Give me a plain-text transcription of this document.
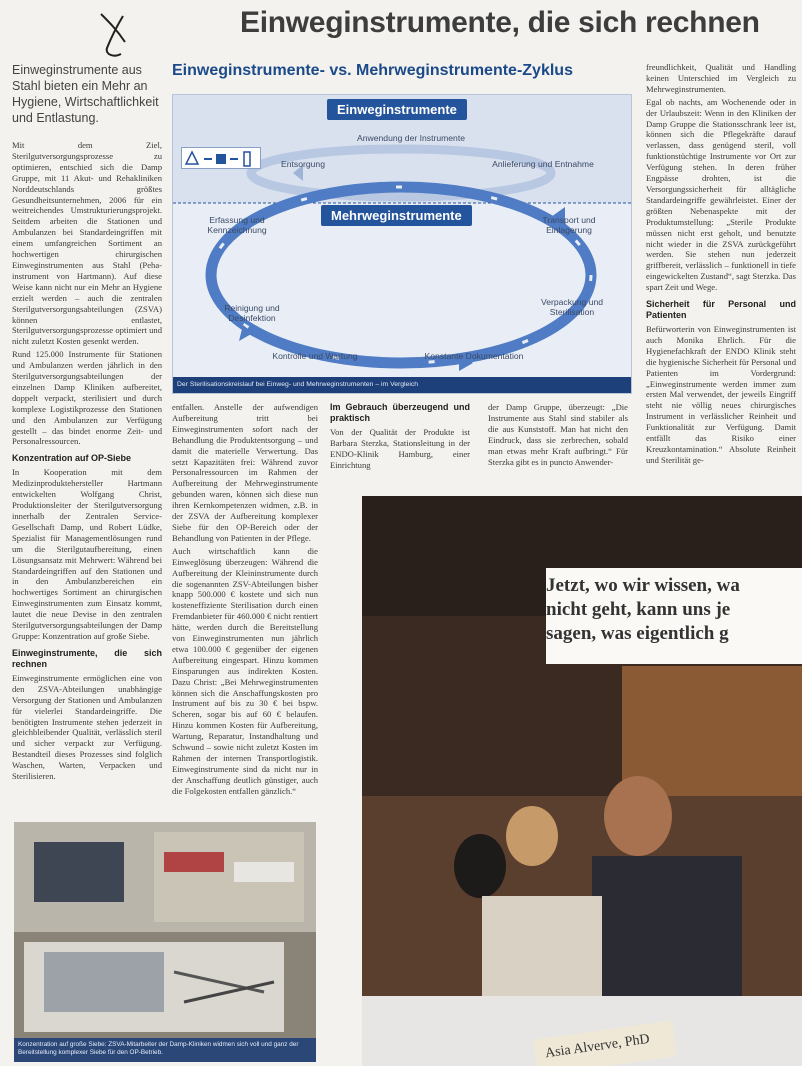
Einweginstrumente, die sich rechnen

Einweginstrumente aus Stahl bieten ein Mehr an Hygiene, Wirtschaftlichkeit und Entlastung.

Einweginstrumente- vs. Mehrweginstrumente-Zyklus
Einweginstrumente
Mehrweginstrumente
Anwendung der Instrumente
Entsorgung	Anlieferung und Entnahme
Erfassung und Kennzeichnung
Transport und Einlagerung
Reinigung und Desinfektion
Verpackung und Sterilisation
Kontrolle und Wartung	Konstante Dokumentation
Der Sterilisationskreislauf bei Einweg- und Mehrweginstrumenten – im Vergleich

Mit dem Ziel, Sterilgutversorgungsprozesse zu optimieren, entschied sich die Damp Gruppe, mit 11 Akut- und Rehakliniken Norddeutschlands größtes Gesundheitsunternehmen, 2006 für ein weitreichendes Umstrukturierungsprojekt. Seitdem arbeiten die Stationen und Ambulanzen bei Standardeingriffen mit einem umfangreichen Sortiment an hochwertigen chirurgischen Einweginstrumenten aus Stahl (Peha-instrument von Hartmann). Auf diese Weise kann nicht nur ein Mehr an Hygiene erzielt werden – auch die zentralen Sterilgutversorgungsabteilungen (ZSVA) können entlastet, Sterilgutversorgungsprozesse optimiert und nicht zuletzt Kosten gesenkt werden.

Rund 125.000 Instrumente für Stationen und Ambulanzen werden jährlich in den Sterilgutversorgungsabteilungen der einzelnen Damp Kliniken aufbereitet, doppelt verpackt, sterilisiert und durch komplexe Logistikprozesse den Stationen und den Ambulanzen zur Verfügung gestellt – das bindet enorme Zeit- und Personalressourcen.

Konzentration auf OP-Siebe

In Kooperation mit dem Medizinproduktehersteller Hartmann entwickelten Wolfgang Christ, Produktionsleiter der Sterilgutversorgung innerhalb der Zentralen Service-Gesellschaft Damp, und Robert Lüdke, Spezialist für Managementlösungen rund um die Sterilgutaufbereitung, einen Lösungsansatz mit Mehrwert: Während bei Standardeingriffen auf den Stationen und in den Ambulanzbereichen ein hochwertiges Sortiment an chirurgischen Einweginstrumenten zum Einsatz kommt, lautet die neue Devise in den zentralen Sterilgutversorgungsabteilungen der Damp Gruppe: Konzentration auf große Siebe.

Einweginstrumente, die sich rechnen

Einweginstrumente ermöglichen eine von den ZSVA-Abteilungen unabhängige Versorgung der Stationen und Ambulanzen für vielerlei Standardeingriffe. Die benötigten Instrumente stehen jederzeit in gleichbleibender Qualität, verlässlich steril und sicher verpackt zur Verfügung. Bestandteil dieses Prozesses sind folglich Waschen, Warten, Verpacken und Sterilisieren.

entfallen. Anstelle der aufwendigen Aufbereitung tritt bei Einweginstrumenten sofort nach der Behandlung die Produktentsorgung – und damit die materielle Verwertung. Das setzt Kapazitäten frei: Während zuvor Personalressourcen im Rahmen der Aufbereitung der Mehrweginstrumente gebunden waren, können sich diese nun ihren Kernkompetenzen widmen, z.B. in der ZSVA der Aufbereitung komplexer Siebe für den OP-Bereich oder der Behandlung von Patienten in der Pflege.

Auch wirtschaftlich kann die Einweglösung überzeugen: Während die Aufbereitung der Kleininstrumente durch die sogenannten ZSV-Abteilungen bisher knapp 500.000 € kostete und sich nun kosteneffiziente Sterilisation durch einen Fremdanbieter für 460.000 € nicht rentiert hätte, werden durch die Bereitstellung von Einweginstrumenten nun jährlich etwa 100.000 € gegenüber der eigenen Aufbereitung eingespart. Hinzu kommen Einsparungen aus indirekten Kosten. Dazu Christ: „Bei Mehrweginstrumenten können sich die Anschaffungskosten pro Instrument auf bis zu 30 € bei bspw. Scheren, sogar bis auf 60 € belaufen. Hinzu kommen Kosten für Aufbereitung, Wartung, Reparatur, Instandhaltung und Schwund – sowie nicht zuletzt Kosten im Rahmen der internen Transportlogistik. Einweginstrumente sind da nicht nur in der Anschaffung deutlich günstiger, auch die Folgekosten entfallen gänzlich.“

Im Gebrauch überzeugend und praktisch

Von der Qualität der Produkte ist Barbara Sterzka, Stationsleitung in der ENDO-Klinik Hamburg, einer Einrichtung

der Damp Gruppe, überzeugt: „Die Instrumente aus Stahl sind stabiler als die aus Kunststoff. Man hat nicht den Eindruck, dass sie zerbrechen, sobald man etwas mehr Kraft aufbringt.“ Für Sterzka gibt es in puncto Anwender-

freundlichkeit, Qualität und Handling keinen Unterschied im Vergleich zu Mehrweginstrumenten.

Egal ob nachts, am Wochenende oder in der Urlaubszeit: Wenn in den Kliniken der Damp Gruppe die Stationsschrank leer ist, können sich die Pflegekräfte darauf verlassen, dass genügend steril, voll funktionstüchtige Instrumente vor Ort zur Verfügung stehen. In deren früher Engpässe drohten, ist die Versorgungssicherheit für alltägliche Standardeingriffe gewährleistet. Einer der größten Nebenaspekte mit der Produktumstellung: „Sterile Produkte müssen nicht erst geholt, und benutzte nicht wieder in die ZSVA zurückgeführt werden. Sie stehen nun jederzeit griffbereit, verlässlich – funktionell in tiefe eingewickelten Zustand“, sagt Sterzka. Das spart Zeit und Wege.

Sicherheit für Personal und Patienten

Befürworterin von Einweginstrumenten ist auch Monika Ehrlich. Für die Hygienefachkraft der ENDO Klinik steht die hygienische Sicherheit für Personal und Patienten im Vordergrund: „Einweginstrumente werden immer zum ersten Mal verwendet, der jeweils Eingriff steht nie völlig neues chirurgisches Instrument in verlässlicher Reinheit und Funktionalität zur Verfügung. Damit entfällt das Risiko einer Kreuzkontamination.“ Absolute Reinheit und Sterilität ge-

Konzentration auf große Siebe: ZSVA-Mitarbeiter der Damp-Kliniken widmen sich voll und ganz der Bereitstellung komplexer Siebe für den OP-Betrieb.
Jetzt, wo wir wissen, wa
nicht geht, kann uns je
sagen, was eigentlich g
Asia Alverve, PhD
